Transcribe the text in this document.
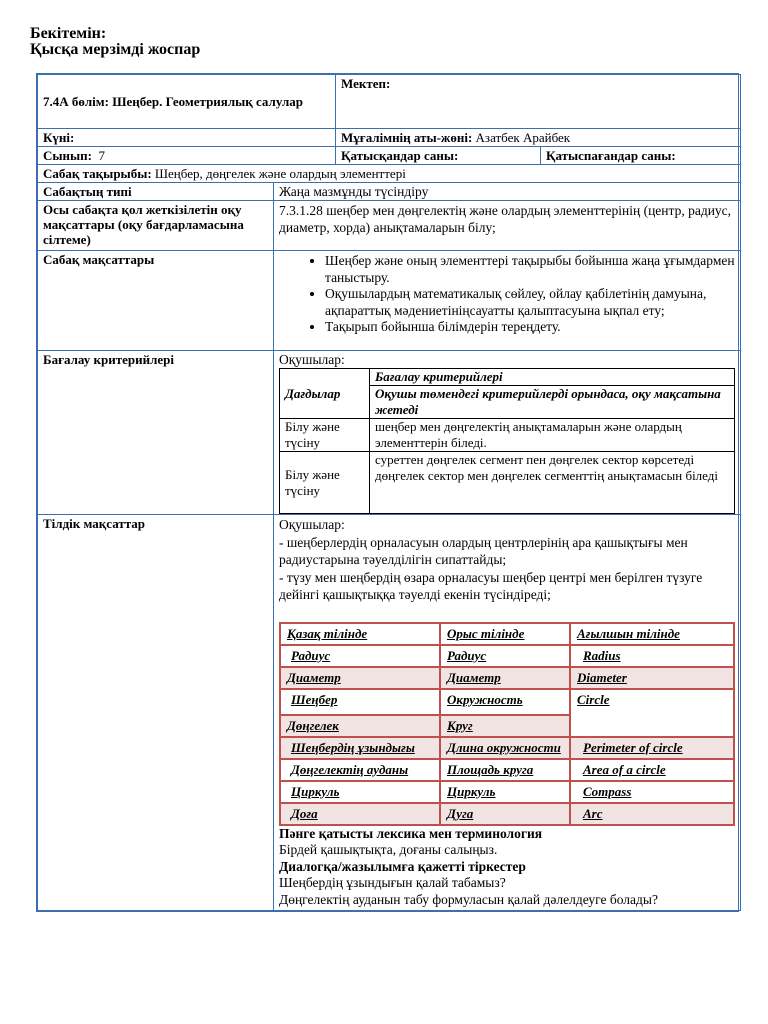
Бекітемін:
Қысқа мерзімді жоспар
7.4А бөлім: Шеңбер. Геометриялық салулар	Мектеп:
Күні:	Мұғалімнің аты-жөні: Азатбек Арайбек
Сынып: 7	Қатысқандар саны:	Қатыспағандар саны:
Сабақ тақырыбы: Шеңбер, дөңгелек және олардың элементтері
Сабақтың типі	Жаңа мазмұнды түсіндіру
Осы сабақта қол жеткізілетін оқу мақсаттары (оқу бағдарламасына сілтеме)	7.3.1.28 шеңбер мен дөңгелектің және олардың элементтерінің (центр, радиус, диаметр, хорда) анықтамаларын білу;
Сабақ мақсаттары	
•Шеңбер және оның элементтері тақырыбы бойынша жаңа ұғымдармен таныстыру.
• Оқушылардың математикалық сөйлеу, ойлау қабілетінің дамуына, ақпараттық мәдениетініңсауатты қалыптасуына ықпал ету;
• Тақырып бойынша білімдерін тереңдету.

Бағалау критерийлері	Оқушылар:
Дағдылар	Бағалау критерийлері
Оқушы төмендегі критерийлерді орындаса, оқу мақсатына жетеді
Білу және түсіну	шеңбер мен дөңгелектің анықтамаларын және олардың элементтерін біледі.
Білу және түсіну	суреттен дөңгелек сегмент пен дөңгелек сектор көрсетеді
дөңгелек сектор мен дөңгелек сегменттің анықтамасын біледі

Тілдік мақсаттар	Оқушылар:
- шеңберлердің орналасуын олардың центрлерінің ара қашықтығы мен радиустарына тәуелділігін сипаттайды;
- түзу мен шеңбердің өзара орналасуы шеңбер центрі мен берілген түзуге дейінгі қашықтыққа тәуелді екенін түсіндіреді;
Қазақ тілінде	Орыс тілінде	Ағылшын тілінде
Радиус	Радиус	Radius
Диаметр	Диаметр	Diameter
Шеңбер	Окружность	Circle
Дөңгелек	Круг
Шеңбердің ұзындығы	Длина окружности	Perimeter of circle
Дөңгелектің ауданы	Площадь круга	Area of a circle
Циркуль	Циркуль	Compass
Доға	Дуга	Arc
Пәнге қатысты лексика мен терминология
Бірдей қашықтықта, доғаны салыңыз.
Диалогқа/жазылымға қажетті тіркестер
Шеңбердің ұзындығын қалай табамыз?
Дөңгелектің ауданын табу формуласын қалай дәлелдеуге болады?
